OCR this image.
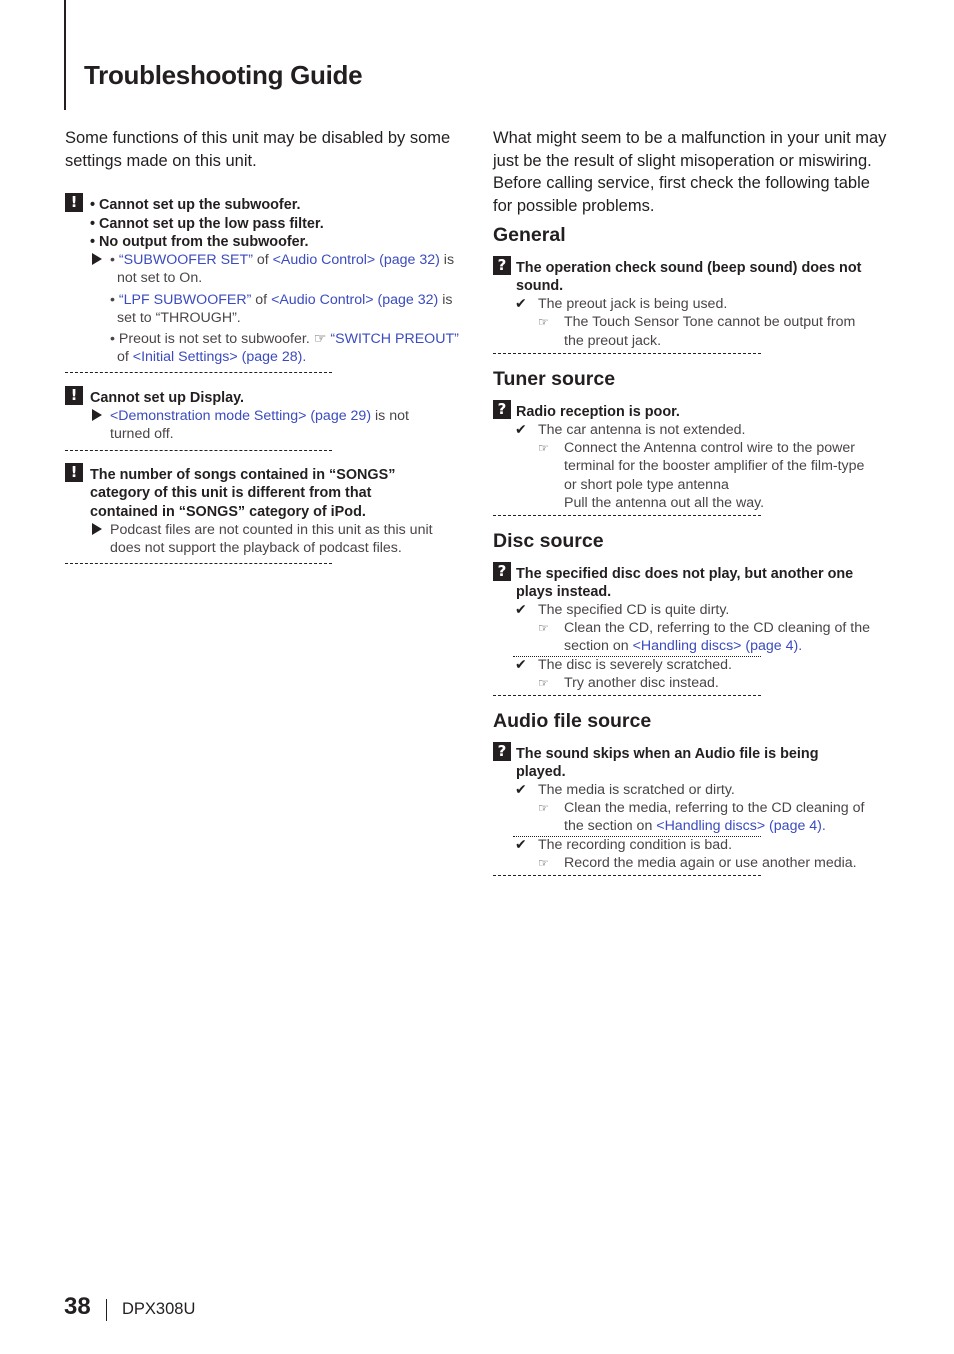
Troubleshooting Guide
Some functions of this unit may be disabled by some settings made on this unit.
What might seem to be a malfunction in your unit may just be the result of slight misoperation or miswiring. Before calling service, first check the following table for possible problems.
! • Cannot set up the subwoofer.
• Cannot set up the low pass filter.
• No output from the subwoofer.
• “SUBWOOFER SET” of <Audio Control> (page 32) is
not set to On.
• “LPF SUBWOOFER” of <Audio Control> (page 32) is
set to “THROUGH”.
• Preout is not set to subwoofer. ☞ “SWITCH PREOUT”
of <Initial Settings> (page 28).
! Cannot set up Display.
<Demonstration mode Setting> (page 29) is not
turned off.
! The number of songs contained in “SONGS”
category of this unit is different from that
contained in “SONGS” category of iPod.
Podcast files are not counted in this unit as this unit
does not support the playback of podcast files.
General
? The operation check sound (beep sound) does not
sound.
✔ The preout jack is being used.
☞ The Touch Sensor Tone cannot be output from
the preout jack.
Tuner source
? Radio reception is poor.
✔ The car antenna is not extended.
☞ Connect the Antenna control wire to the power
terminal for the booster amplifier of the film-type
or short pole type antenna
Pull the antenna out all the way.
Disc source
? The specified disc does not play, but another one
plays instead.
✔ The specified CD is quite dirty.
☞ Clean the CD, referring to the CD cleaning of the
section on <Handling discs> (page 4).
✔ The disc is severely scratched.
☞ Try another disc instead.
Audio file source
? The sound skips when an Audio file is being
played.
✔ The media is scratched or dirty.
☞ Clean the media, referring to the CD cleaning of
the section on <Handling discs> (page 4).
✔ The recording condition is bad.
☞ Record the media again or use another media.
38 DPX308U
